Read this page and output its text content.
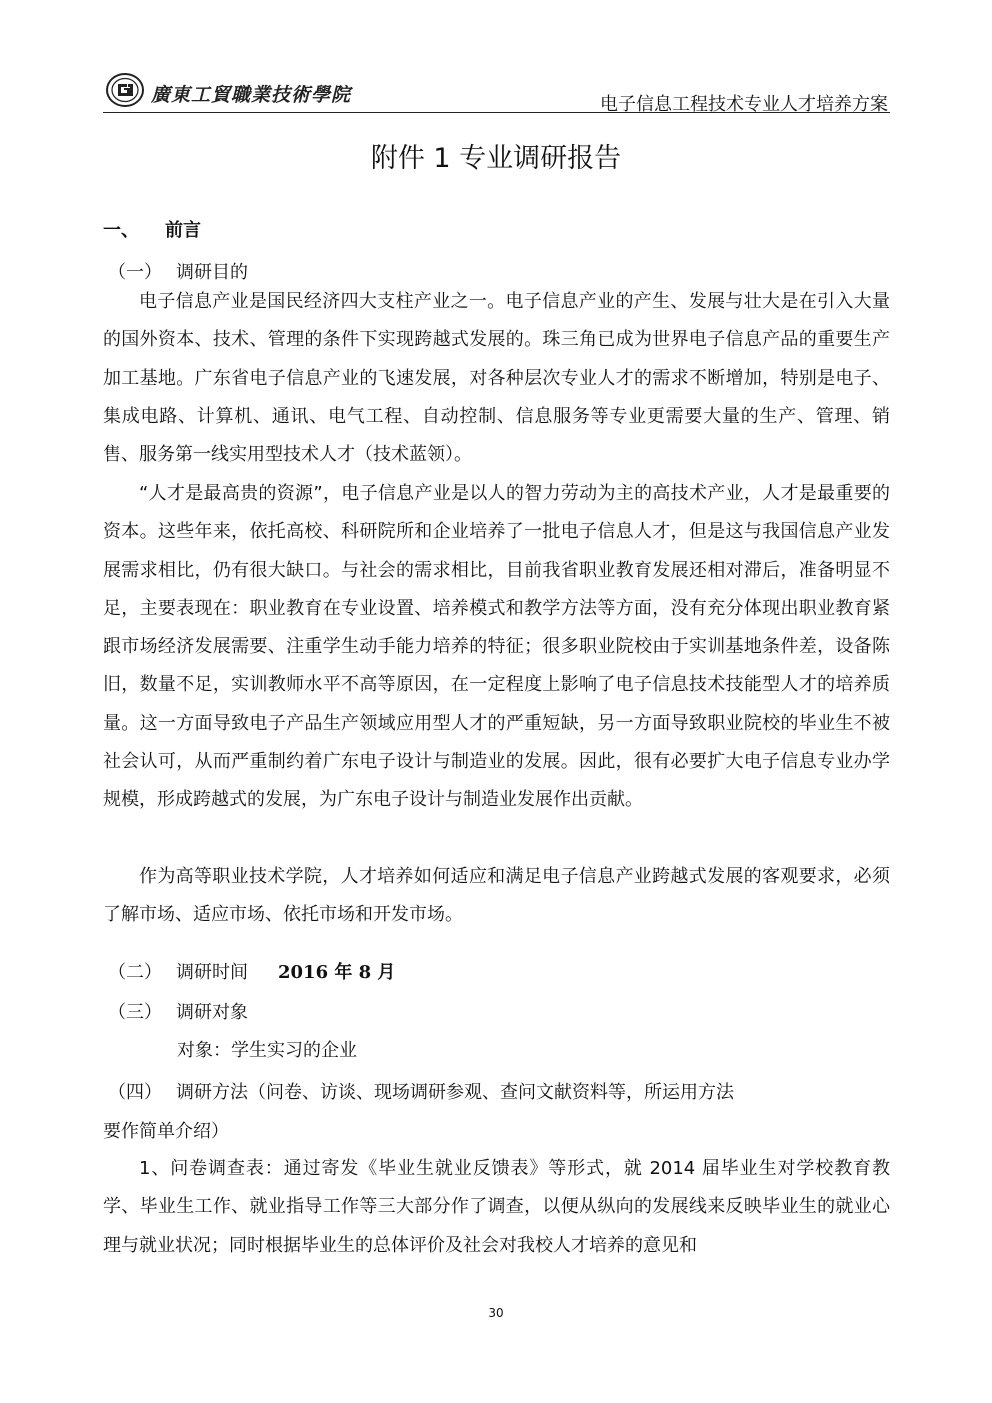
廣東工貿職業技術學院	电子信息工程技术专业人才培养方案
附件 1 专业调研报告
一、 前言
（一） 调研目的
电子信息产业是国民经济四大支柱产业之一。电子信息产业的产生、发展与壮大是在引入大量的国外资本、技术、管理的条件下实现跨越式发展的。珠三角已成为世界电子信息产品的重要生产加工基地。广东省电子信息产业的飞速发展，对各种层次专业人才的需求不断增加，特别是电子、集成电路、计算机、通讯、电气工程、自动控制、信息服务等专业更需要大量的生产、管理、销售、服务第一线实用型技术人才（技术蓝领）。
“人才是最高贵的资源”，电子信息产业是以人的智力劳动为主的高技术产业，人才是最重要的资本。这些年来，依托高校、科研院所和企业培养了一批电子信息人才，但是这与我国信息产业发展需求相比，仍有很大缺口。与社会的需求相比，目前我省职业教育发展还相对滞后，准备明显不足，主要表现在：职业教育在专业设置、培养模式和教学方法等方面，没有充分体现出职业教育紧跟市场经济发展需要、注重学生动手能力培养的特征；很多职业院校由于实训基地条件差，设备陈旧，数量不足，实训教师水平不高等原因，在一定程度上影响了电子信息技术技能型人才的培养质量。这一方面导致电子产品生产领域应用型人才的严重短缺，另一方面导致职业院校的毕业生不被社会认可，从而严重制约着广东电子设计与制造业的发展。因此，很有必要扩大电子信息专业办学规模，形成跨越式的发展，为广东电子设计与制造业发展作出贡献。
作为高等职业技术学院，人才培养如何适应和满足电子信息产业跨越式发展的客观要求，必须了解市场、适应市场、依托市场和开发市场。
（二） 调研时间 2016 年 8 月
（三） 调研对象
对象：学生实习的企业
（四） 调研方法（问卷、访谈、现场调研参观、查问文献资料等，所运用方法
要作简单介绍）
1、问卷调查表：通过寄发《毕业生就业反馈表》等形式，就 2014 届毕业生对学校教育教学、毕业生工作、就业指导工作等三大部分作了调查，以便从纵向的发展线来反映毕业生的就业心理与就业状况；同时根据毕业生的总体评价及社会对我校人才培养的意见和
30
